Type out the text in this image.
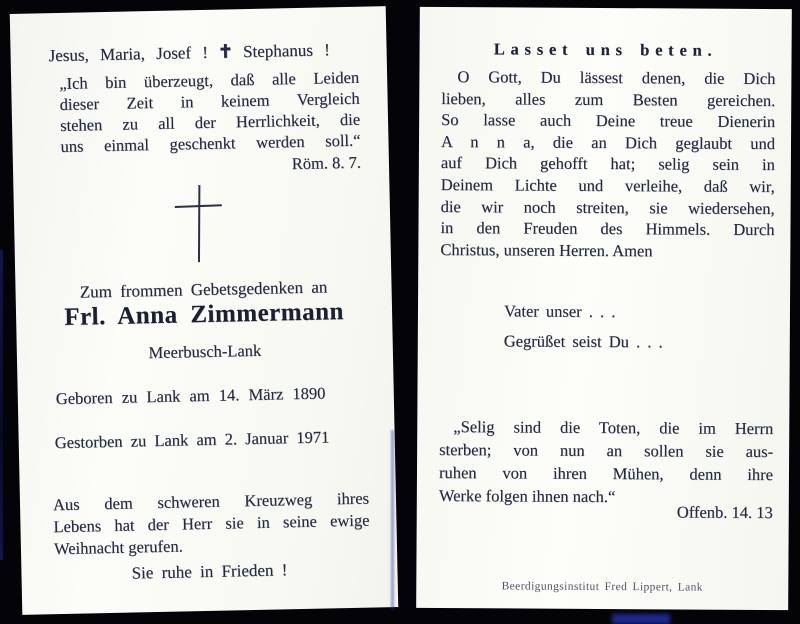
Jesus, Maria, Josef ! ✝ Stephanus !
„Ich bin überzeugt, daß alle Leiden
dieser Zeit in keinem Vergleich
stehen zu all der Herrlichkeit, die
uns einmal geschenkt werden soll.“
Röm. 8. 7.
Zum frommen Gebetsgedenken an
Frl. Anna Zimmermann
Meerbusch-Lank
Geboren zu Lank am 14. März 1890
Gestorben zu Lank am 2. Januar 1971
Aus dem schweren Kreuzweg ihres
Lebens hat der Herr sie in seine ewige
Weihnacht gerufen.
Sie ruhe in Frieden !
Lasset uns beten.
O Gott, Du lässest denen, die Dich
lieben, alles zum Besten gereichen.
So lasse auch Deine treue Dienerin
A n n a, die an Dich geglaubt und
auf Dich gehofft hat; selig sein in
Deinem Lichte und verleihe, daß wir,
die wir noch streiten, sie wiedersehen,
in den Freuden des Himmels. Durch
Christus, unseren Herren. Amen
Vater unser . . .
Gegrüßet seist Du . . .
„Selig sind die Toten, die im Herrn
sterben; von nun an sollen sie aus-
ruhen von ihren Mühen, denn ihre
Werke folgen ihnen nach.“
Offenb. 14. 13
Beerdigungsinstitut Fred Lippert, Lank
